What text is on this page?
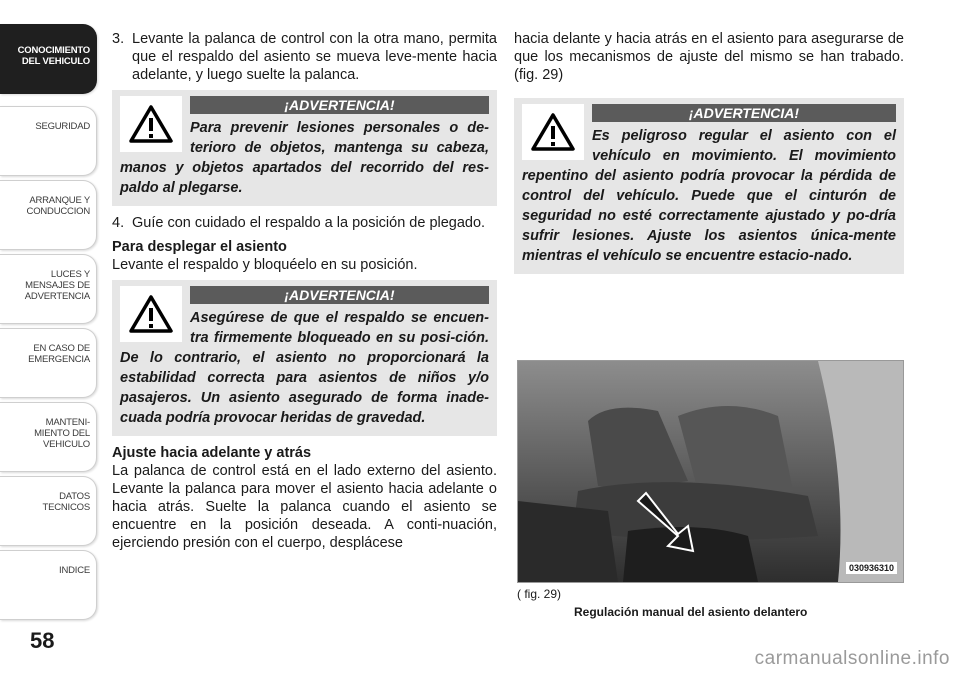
CONOCIMIENTO
DEL VEHICULO
SEGURIDAD
ARRANQUE Y
CONDUCCION
LUCES Y
MENSAJES DE
ADVERTENCIA
EN CASO DE
EMERGENCIA
MANTENI-
MIENTO DEL
VEHICULO
DATOS
TECNICOS
INDICE
58
3. Levante la palanca de control con la otra mano, permita que el respaldo del asiento se mueva leve-mente hacia adelante, y luego suelte la palanca.
¡ADVERTENCIA!
Para prevenir lesiones personales o de-terioro de objetos, mantenga su cabeza, manos y objetos apartados del recorrido del res-paldo al plegarse.
4. Guíe con cuidado el respaldo a la posición de plegado.
Para desplegar el asiento
Levante el respaldo y bloquéelo en su posición.
¡ADVERTENCIA!
Asegúrese de que el respaldo se encuen-tra firmemente bloqueado en su posi-ción. De lo contrario, el asiento no proporcionará la estabilidad correcta para asientos de niños y/o pasajeros. Un asiento asegurado de forma inade-cuada podría provocar heridas de gravedad.
Ajuste hacia adelante y atrás
La palanca de control está en el lado externo del asiento. Levante la palanca para mover el asiento hacia adelante o hacia atrás. Suelte la palanca cuando el asiento se encuentre en la posición deseada. A conti-nuación, ejerciendo presión con el cuerpo, desplácese
hacia delante y hacia atrás en el asiento para asegurarse de que los mecanismos de ajuste del mismo se han trabado. (fig. 29)
¡ADVERTENCIA!
Es peligroso regular el asiento con el vehículo en movimiento. El movimiento repentino del asiento podría provocar la pérdida de control del vehículo. Puede que el cinturón de seguridad no esté correctamente ajustado y po-dría sufrir lesiones. Ajuste los asientos única-mente mientras el vehículo se encuentre estacio-nado.
030936310
( fig. 29)
Regulación manual del asiento delantero
carmanualsonline.info
